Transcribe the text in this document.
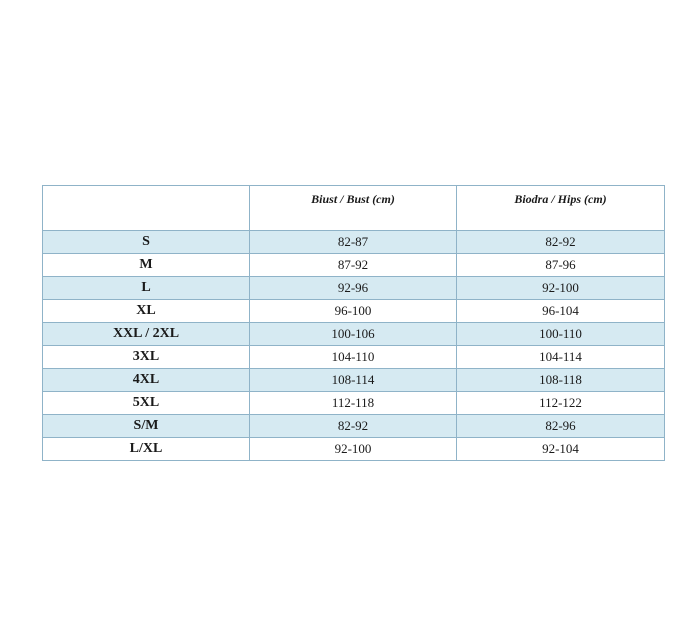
	Biust / Bust (cm)	Biodra / Hips (cm)
S	82-87	82-92
M	87-92	87-96
L	92-96	92-100
XL	96-100	96-104
XXL / 2XL	100-106	100-110
3XL	104-110	104-114
4XL	108-114	108-118
5XL	112-118	112-122
S/M	82-92	82-96
L/XL	92-100	92-104
